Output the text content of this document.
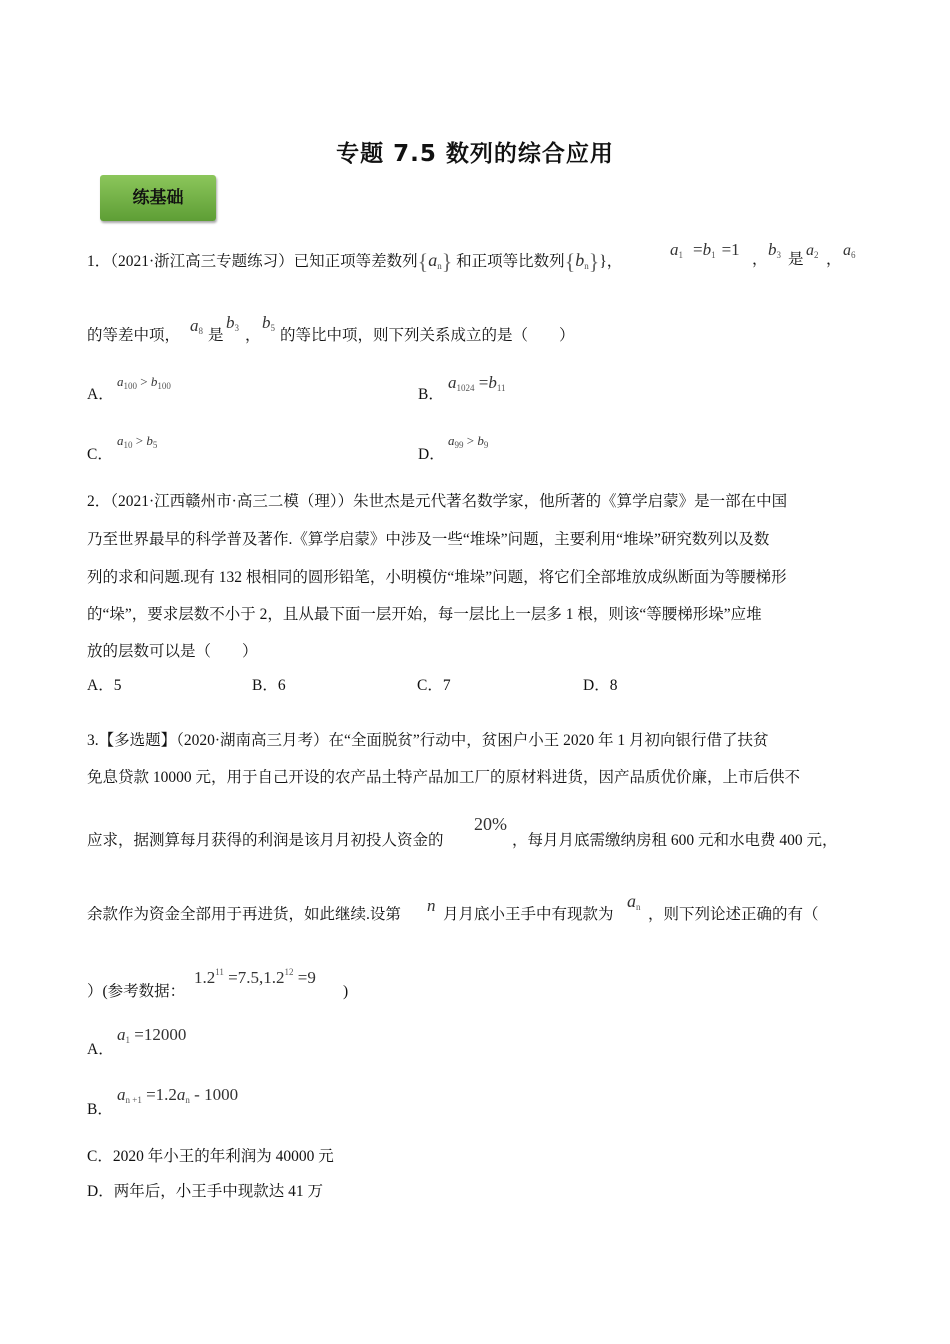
专题 7.5 数列的综合应用
练基础
1．（2021·浙江高三专题练习）已知正项等差数列$\{a_n\}$ 和正项等比数列$\{b_n\}$}，
$a_1 =b_1 =1$
，
$b_3$ 是
$a_2$ ，
$a_6$
的等差中项，
$a_8$ 是
$b_3$ ，
$b_5$ 的等比中项，则下列关系成立的是（　　）
A．
$a_{100} > b_{100}$	B．
$a_{1024} =b_{11}$
C．
$a_{10} > b_5$
D．
$a_{99} > b_9$
2．（2021·江西赣州市·高三二模（理））朱世杰是元代著名数学家，他所著的《算学启蒙》是一部在中国
乃至世界最早的科学普及著作.《算学启蒙》中涉及一些“堆垛”问题，主要利用“堆垛”研究数列以及数
列的求和问题.现有 132 根相同的圆形铅笔，小明模仿“堆垛”问题，将它们全部堆放成纵断面为等腰梯形
的“垛”，要求层数不小于 2，且从最下面一层开始，每一层比上一层多 1 根，则该“等腰梯形垛”应堆
放的层数可以是（　　）
A．5	B．6	C．7	D．8
3.【多选题】（2020·湖南高三月考）在“全面脱贫”行动中，贫困户小王 2020 年 1 月初向银行借了扶贫
免息贷款 10000 元，用于自己开设的农产品土特产品加工厂的原材料进货，因产品质优价廉，上市后供不
应求，据测算每月获得的利润是该月月初投人资金的
20%
，每月月底需缴纳房租 600 元和水电费 400 元，
余款作为资金全部用于再进货，如此继续.设第 n 月月底小王手中有现款为
$a_n$ ，则下列论述正确的有（
）(参考数据：
$1.2^{11} =7.5,1.2^{12} =9$
)
A．
$a_1 =12000$
B．
$a_{n +1} =1.2a_n - 1000$
C．2020 年小王的年利润为 40000 元
D．两年后，小王手中现款达 41 万
